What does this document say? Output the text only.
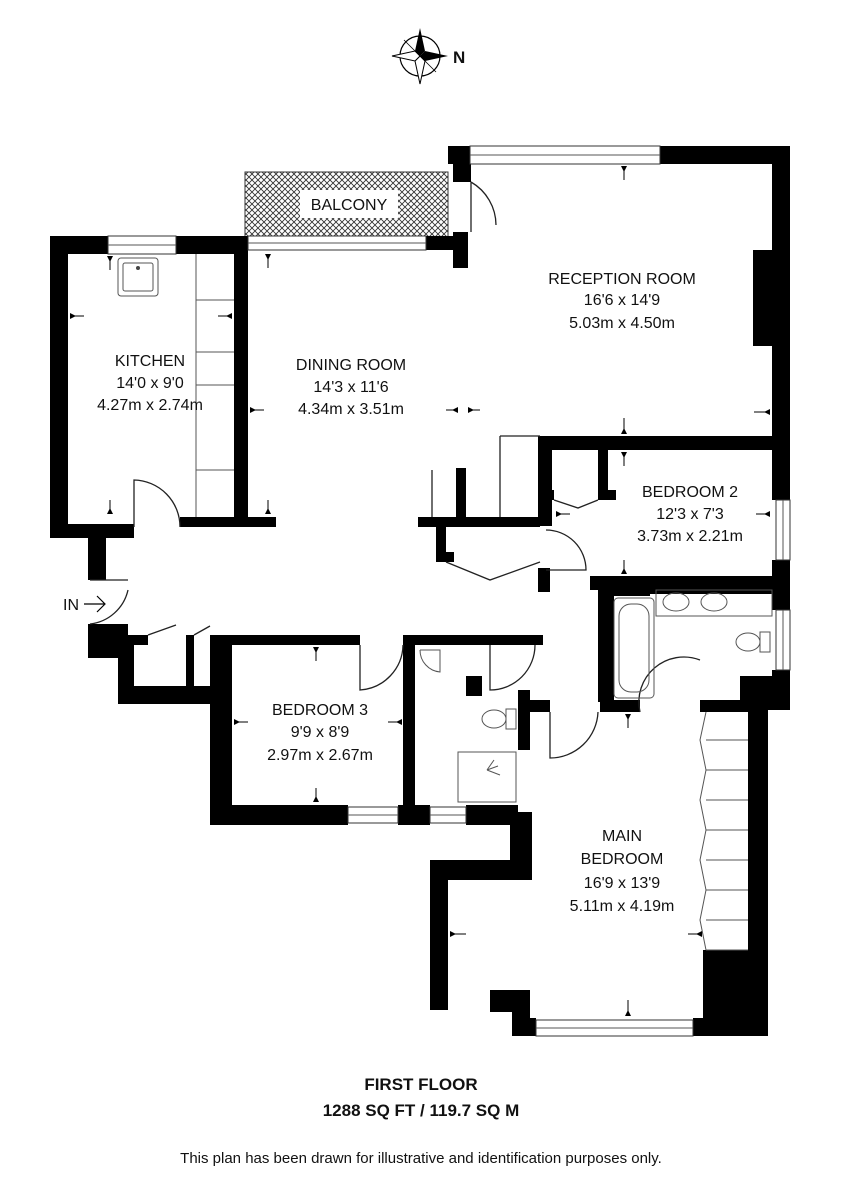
N
IN
BALCONY
RECEPTION ROOM
16'6 x 14'9
5.03m x 4.50m
KITCHEN
14'0 x 9'0
4.27m x 2.74m
DINING ROOM
14'3 x 11'6
4.34m x 3.51m
BEDROOM 2
12'3 x 7'3
3.73m x 2.21m
BEDROOM 3
9'9 x 8'9
2.97m x 2.67m
MAIN
BEDROOM
16'9 x 13'9
5.11m x 4.19m
FIRST FLOOR
1288 SQ FT / 119.7 SQ M
This plan has been drawn for illustrative and identification purposes only.
